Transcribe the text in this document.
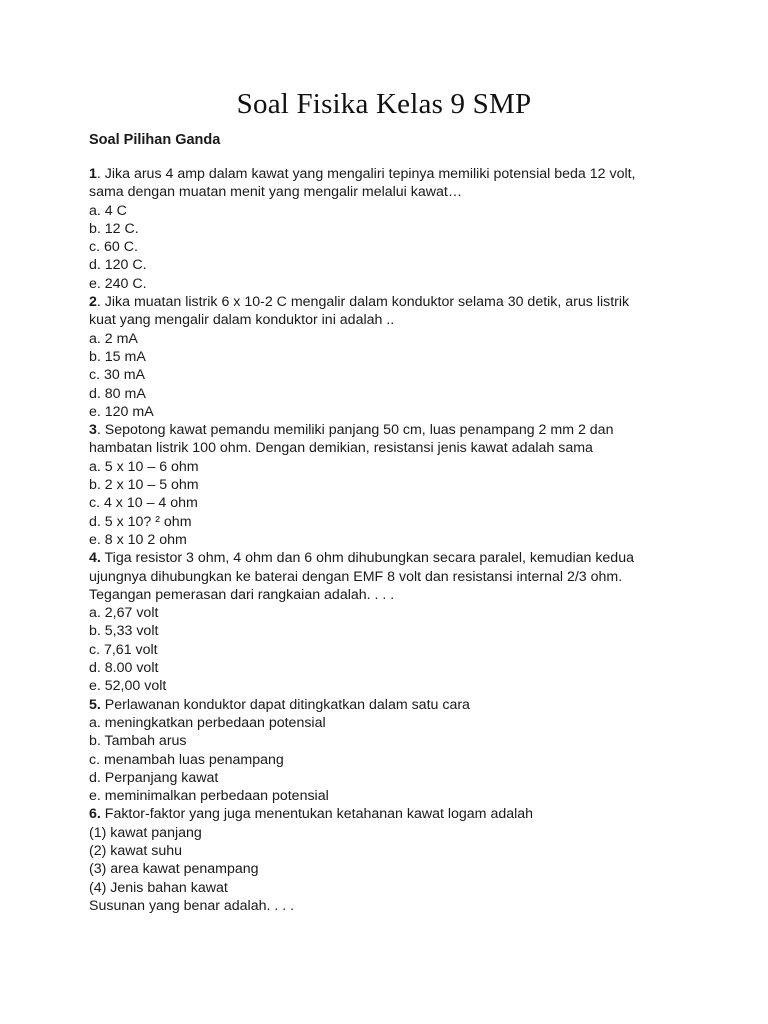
Soal Fisika Kelas 9 SMP

Soal Pilihan Ganda

1. Jika arus 4 amp dalam kawat yang mengaliri tepinya memiliki potensial beda 12 volt,
sama dengan muatan menit yang mengalir melalui kawat…
a. 4 C
b. 12 C.
c. 60 C.
d. 120 C.
e. 240 C.
2. Jika muatan listrik 6 x 10-2 C mengalir dalam konduktor selama 30 detik, arus listrik
kuat yang mengalir dalam konduktor ini adalah ..
a. 2 mA
b. 15 mA
c. 30 mA
d. 80 mA
e. 120 mA
3. Sepotong kawat pemandu memiliki panjang 50 cm, luas penampang 2 mm 2 dan
hambatan listrik 100 ohm. Dengan demikian, resistansi jenis kawat adalah sama
a. 5 x 10 – 6 ohm
b. 2 x 10 – 5 ohm
c. 4 x 10 – 4 ohm
d. 5 x 10? ² ohm
e. 8 x 10 2 ohm
4. Tiga resistor 3 ohm, 4 ohm dan 6 ohm dihubungkan secara paralel, kemudian kedua
ujungnya dihubungkan ke baterai dengan EMF 8 volt dan resistansi internal 2/3 ohm.
Tegangan pemerasan dari rangkaian adalah. . . .
a. 2,67 volt
b. 5,33 volt
c. 7,61 volt
d. 8.00 volt
e. 52,00 volt
5. Perlawanan konduktor dapat ditingkatkan dalam satu cara
a. meningkatkan perbedaan potensial
b. Tambah arus
c. menambah luas penampang
d. Perpanjang kawat
e. meminimalkan perbedaan potensial
6. Faktor-faktor yang juga menentukan ketahanan kawat logam adalah
(1) kawat panjang
(2) kawat suhu
(3) area kawat penampang
(4) Jenis bahan kawat
Susunan yang benar adalah. . . .
